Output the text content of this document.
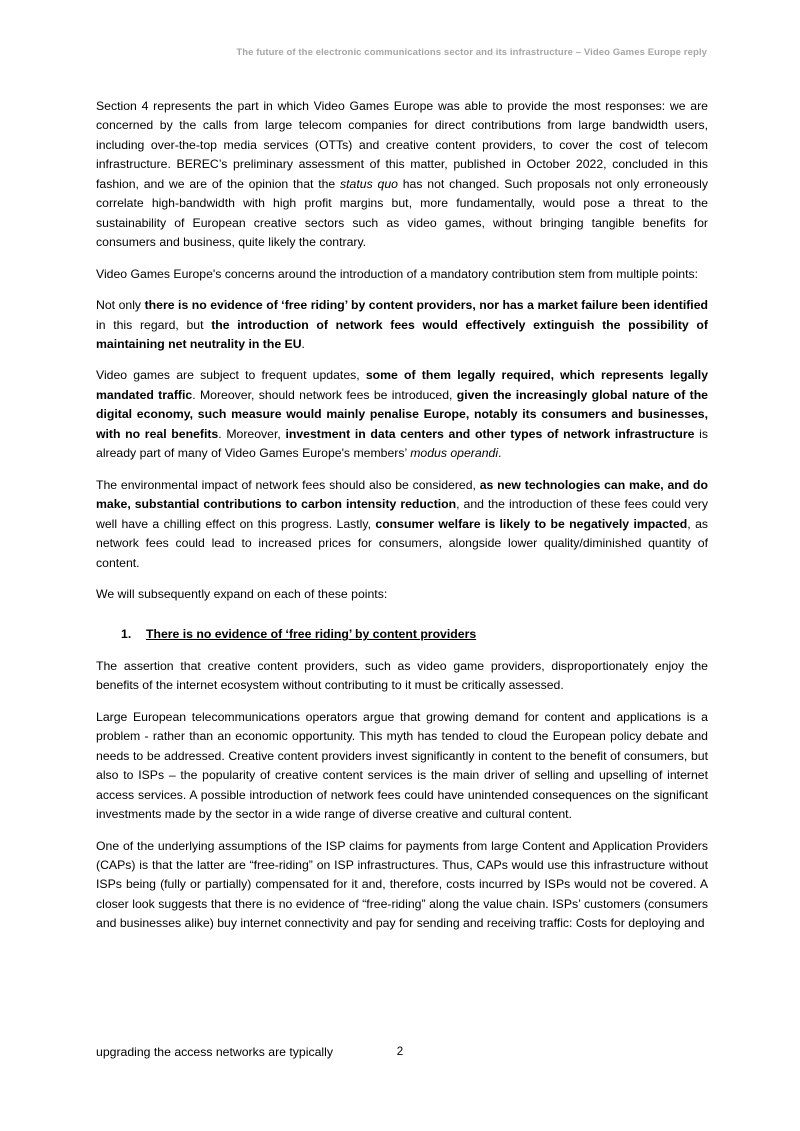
The future of the electronic communications sector and its infrastructure – Video Games Europe reply

Section 4 represents the part in which Video Games Europe was able to provide the most responses: we are concerned by the calls from large telecom companies for direct contributions from large bandwidth users, including over-the-top media services (OTTs) and creative content providers, to cover the cost of telecom infrastructure. BEREC’s preliminary assessment of this matter, published in October 2022, concluded in this fashion, and we are of the opinion that the status quo has not changed. Such proposals not only erroneously correlate high-bandwidth with high profit margins but, more fundamentally, would pose a threat to the sustainability of European creative sectors such as video games, without bringing tangible benefits for consumers and business, quite likely the contrary.

Video Games Europe's concerns around the introduction of a mandatory contribution stem from multiple points:

Not only there is no evidence of ‘free riding’ by content providers, nor has a market failure been identified in this regard, but the introduction of network fees would effectively extinguish the possibility of maintaining net neutrality in the EU.

Video games are subject to frequent updates, some of them legally required, which represents legally mandated traffic. Moreover, should network fees be introduced, given the increasingly global nature of the digital economy, such measure would mainly penalise Europe, notably its consumers and businesses, with no real benefits. Moreover, investment in data centers and other types of network infrastructure is already part of many of Video Games Europe's members’ modus operandi.

The environmental impact of network fees should also be considered, as new technologies can make, and do make, substantial contributions to carbon intensity reduction, and the introduction of these fees could very well have a chilling effect on this progress. Lastly, consumer welfare is likely to be negatively impacted, as network fees could lead to increased prices for consumers, alongside lower quality/diminished quantity of content.

We will subsequently expand on each of these points:

1. There is no evidence of ‘free riding’ by content providers

The assertion that creative content providers, such as video game providers, disproportionately enjoy the benefits of the internet ecosystem without contributing to it must be critically assessed.

Large European telecommunications operators argue that growing demand for content and applications is a problem - rather than an economic opportunity. This myth has tended to cloud the European policy debate and needs to be addressed. Creative content providers invest significantly in content to the benefit of consumers, but also to ISPs – the popularity of creative content services is the main driver of selling and upselling of internet access services. A possible introduction of network fees could have unintended consequences on the significant investments made by the sector in a wide range of diverse creative and cultural content.

One of the underlying assumptions of the ISP claims for payments from large Content and Application Providers (CAPs) is that the latter are “free-riding” on ISP infrastructures. Thus, CAPs would use this infrastructure without ISPs being (fully or partially) compensated for it and, therefore, costs incurred by ISPs would not be covered. A closer look suggests that there is no evidence of “free-riding” along the value chain. ISPs’ customers (consumers and businesses alike) buy internet connectivity and pay for sending and receiving traffic: Costs for deploying and

upgrading the access networks are typically	2
